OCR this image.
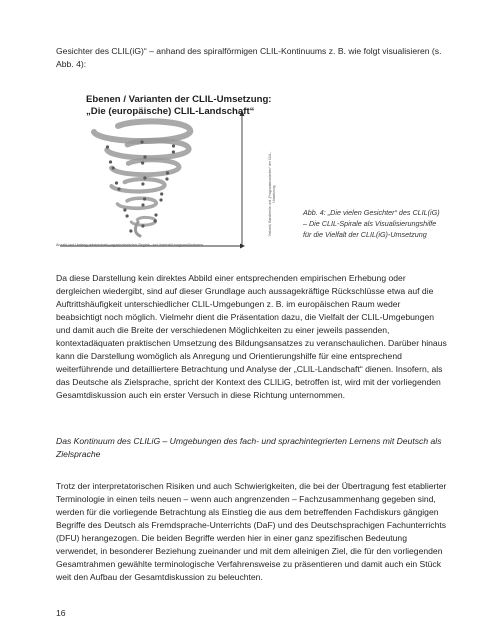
Gesichter des CLIL(iG)“ – anhand des spiralförmigen CLIL-Kontinuums z. B. wie folgt visualisieren (s. Abb. 4):

Ebenen / Varianten der CLIL-Umsetzung:
„Die (europäische) CLIL-Landschaft“
Vielzahl, Bandbreite und „Programmvarianten“ der CLIL-Umsetzung
Anzahl und Umfang administrativ-organisatorischer Begleit- und Unterstützungsmaßnahmen
Abb. 4: „Die vielen Gesichter“ des CLIL(iG) – Die CLIL-Spirale als Visualisierungshilfe für die Vielfalt der CLIL(iG)-Umsetzung

Da diese Darstellung kein direktes Abbild einer entsprechenden empirischen Erhebung oder dergleichen wiedergibt, sind auf dieser Grundlage auch aussagekräftige Rückschlüsse etwa auf die Auftrittshäufigkeit unterschiedlicher CLIL-Umgebungen z. B. im europäischen Raum weder beabsichtigt noch möglich. Vielmehr dient die Präsentation dazu, die Vielfalt der CLIL-Umgebungen und damit auch die Breite der verschiedenen Möglichkeiten zu einer jeweils passenden, kontextadäquaten praktischen Umsetzung des Bildungsansatzes zu veranschaulichen. Darüber hinaus kann die Darstellung womöglich als Anregung und Orientierungshilfe für eine entsprechend weiterführende und detailliertere Betrachtung und Analyse der „CLIL-Landschaft“ dienen. Insofern, als das Deutsche als Zielsprache, spricht der Kontext des CLILiG, betroffen ist, wird mit der vorliegenden Gesamtdiskussion auch ein erster Versuch in diese Richtung unternommen.

Das Kontinuum des CLILiG – Umgebungen des fach- und sprachintegrierten Lernens mit Deutsch als Zielsprache

Trotz der interpretatorischen Risiken und auch Schwierigkeiten, die bei der Übertragung fest etablierter Terminologie in einen teils neuen – wenn auch angrenzenden – Fachzusammenhang gegeben sind, werden für die vorliegende Betrachtung als Einstieg die aus dem betreffenden Fachdiskurs gängigen Begriffe des Deutsch als Fremdsprache-Unterrichts (DaF) und des Deutschsprachigen Fachunterrichts (DFU) herangezogen. Die beiden Begriffe werden hier in einer ganz spezifischen Bedeutung verwendet, in besonderer Beziehung zueinander und mit dem alleinigen Ziel, die für den vorliegenden Gesamtrahmen gewählte terminologische Verfahrensweise zu präsentieren und damit auch ein Stück weit den Aufbau der Gesamtdiskussion zu beleuchten.

16
